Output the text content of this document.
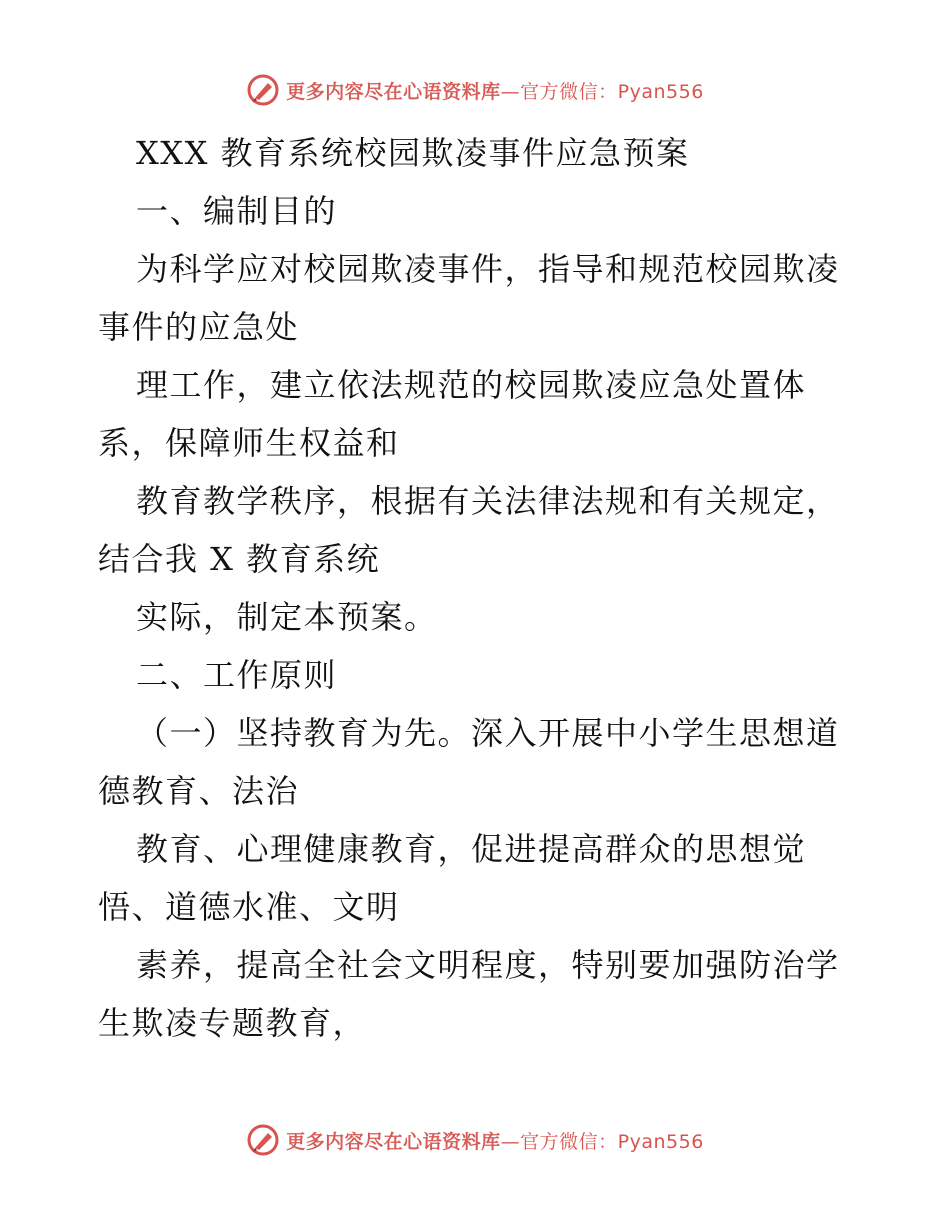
更多内容尽在心语资料库—官方微信：Pyan556
XXX 教育系统校园欺凌事件应急预案
一、编制目的
为科学应对校园欺凌事件，指导和规范校园欺凌
事件的应急处
理工作，建立依法规范的校园欺凌应急处置体
系，保障师生权益和
教育教学秩序，根据有关法律法规和有关规定，
结合我 X 教育系统
实际，制定本预案。
二、工作原则
（一）坚持教育为先。深入开展中小学生思想道
德教育、法治
教育、心理健康教育，促进提高群众的思想觉
悟、道德水准、文明
素养，提高全社会文明程度，特别要加强防治学
生欺凌专题教育，
更多内容尽在心语资料库—官方微信：Pyan556
